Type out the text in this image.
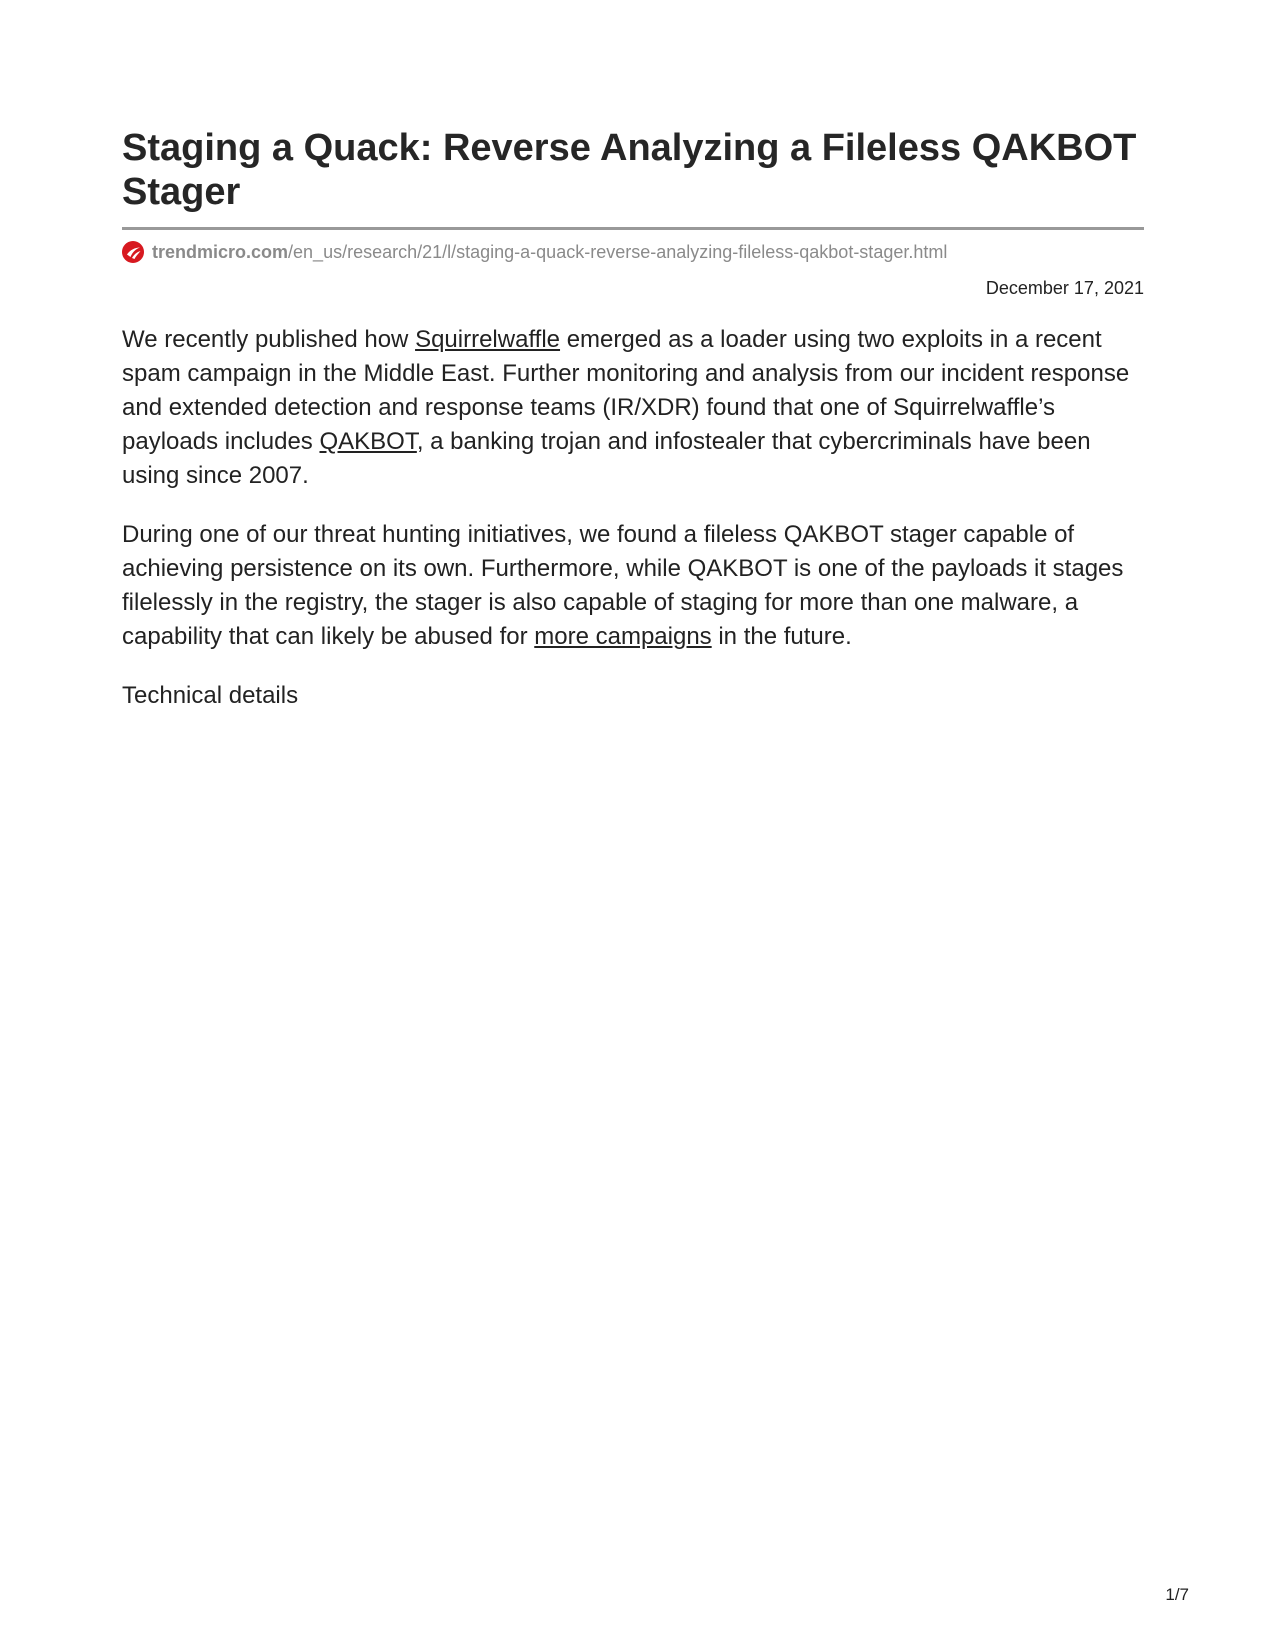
Staging a Quack: Reverse Analyzing a Fileless QAKBOT Stager
trendmicro.com/en_us/research/21/l/staging-a-quack-reverse-analyzing-fileless-qakbot-stager.html
December 17, 2021

We recently published how Squirrelwaffle emerged as a loader using two exploits in a recent spam campaign in the Middle East. Further monitoring and analysis from our incident response and extended detection and response teams (IR/XDR) found that one of Squirrelwaffle’s payloads includes QAKBOT, a banking trojan and infostealer that cybercriminals have been using since 2007.

During one of our threat hunting initiatives, we found a fileless QAKBOT stager capable of achieving persistence on its own. Furthermore, while QAKBOT is one of the payloads it stages filelessly in the registry, the stager is also capable of staging for more than one malware, a capability that can likely be abused for more campaigns in the future.

Technical details

1/7
